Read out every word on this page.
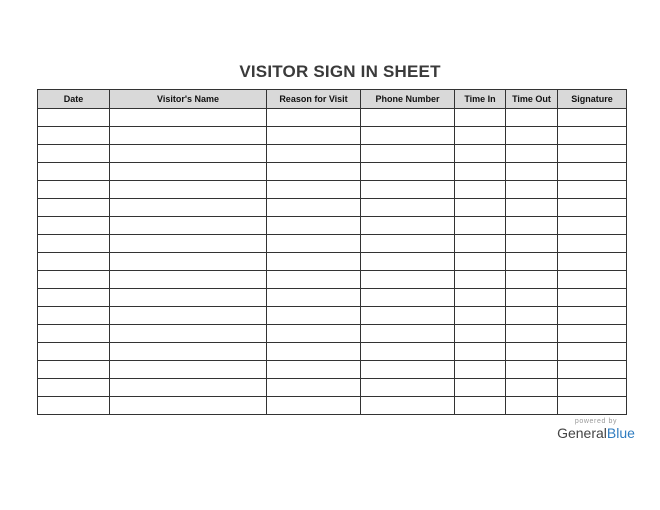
VISITOR SIGN IN SHEET
Date	Visitor's Name	Reason for Visit	Phone Number	Time In	Time Out	Signature

powered by
GeneralBlue
